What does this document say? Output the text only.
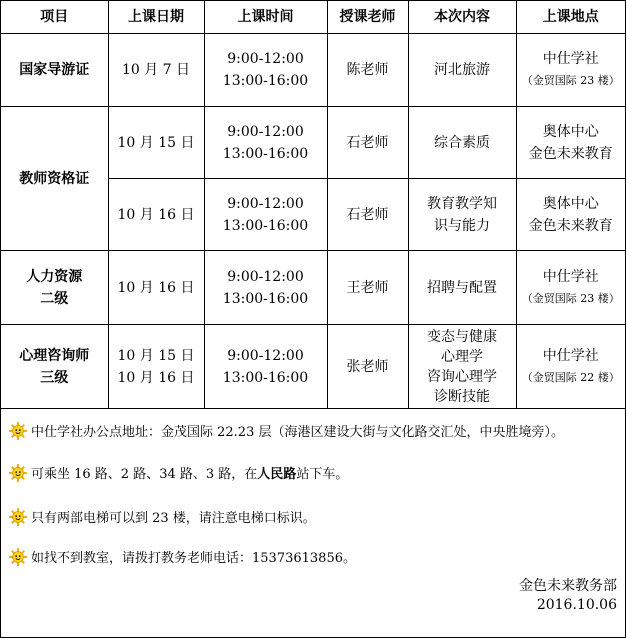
项目	上课日期	上课时间	授课老师	本次内容	上课地点
国家导游证	10 月 7 日	9:00-12:00
13:00-16:00	陈老师	河北旅游	中仕学社
（金贸国际 23 楼）

教师资格证	10 月 15 日	9:00-12:00
13:00-16:00	石老师	综合素质	奥体中心
金色未来教育

	10 月 16 日	9:00-12:00
13:00-16:00	石老师	教育教学知
识与能力	奥体中心
金色未来教育

人力资源
二级	10 月 16 日	9:00-12:00
13:00-16:00	王老师	招聘与配置	中仕学社
（金贸国际 23 楼）

心理咨询师
三级	10 月 15 日
10 月 16 日	9:00-12:00
13:00-16:00	张老师	变态与健康
心理学
咨询心理学
诊断技能	中仕学社
（金贸国际 22 楼）
中仕学社办公点地址：金茂国际 22.23 层（海港区建设大街与文化路交汇处，中央胜境旁）。
可乘坐 16 路、2 路、34 路、3 路，在 人民路 站下车。
只有两部电梯可以到 23 楼，请注意电梯口标识。
如找不到教室，请拨打教务老师电话：15373613856。
金色未来教务部
2016.10.06
